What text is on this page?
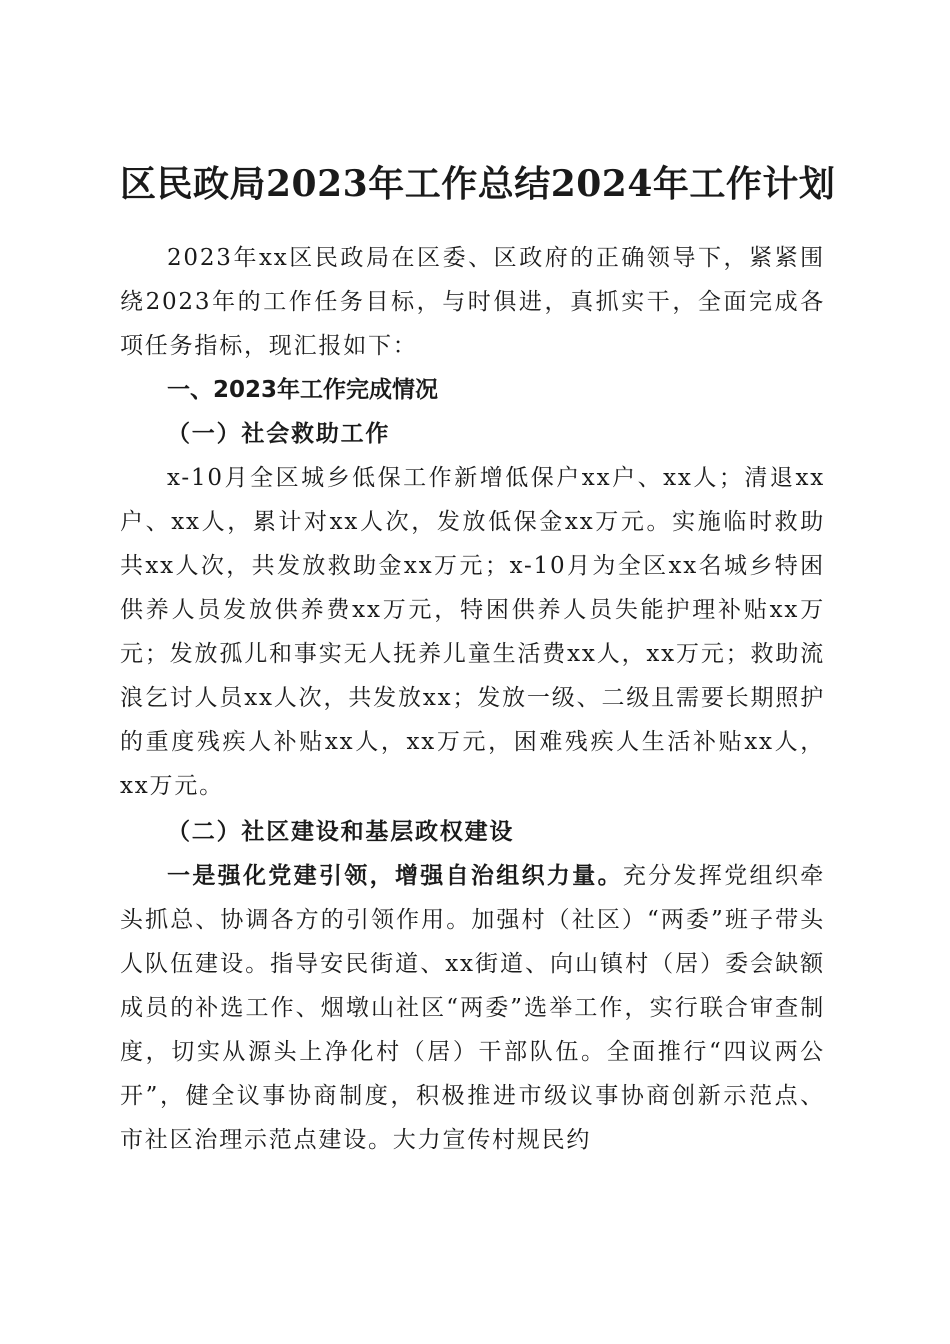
区民政局2023年工作总结2024年工作计划

2023年xx区民政局在区委、区政府的正确领导下，紧紧围绕2023年的工作任务目标，与时俱进，真抓实干，全面完成各项任务指标，现汇报如下：

一、2023年工作完成情况
（一）社会救助工作

x-10月全区城乡低保工作新增低保户xx户、xx人；清退xx户、xx人，累计对xx人次，发放低保金xx万元。实施临时救助共xx人次，共发放救助金xx万元；x-10月为全区xx名城乡特困供养人员发放供养费xx万元，特困供养人员失能护理补贴xx万元；发放孤儿和事实无人抚养儿童生活费xx人，xx万元；救助流浪乞讨人员xx人次，共发放xx；发放一级、二级且需要长期照护的重度残疾人补贴xx人，xx万元，困难残疾人生活补贴xx人，xx万元。

（二）社区建设和基层政权建设

一是强化党建引领，增强自治组织力量。充分发挥党组织牵头抓总、协调各方的引领作用。加强村（社区）“两委”班子带头人队伍建设。指导安民街道、xx街道、向山镇村（居）委会缺额成员的补选工作、烟墩山社区“两委”选举工作，实行联合审查制度，切实从源头上净化村（居）干部队伍。全面推行“四议两公开”，健全议事协商制度，积极推进市级议事协商创新示范点、市社区治理示范点建设。大力宣传村规民约
